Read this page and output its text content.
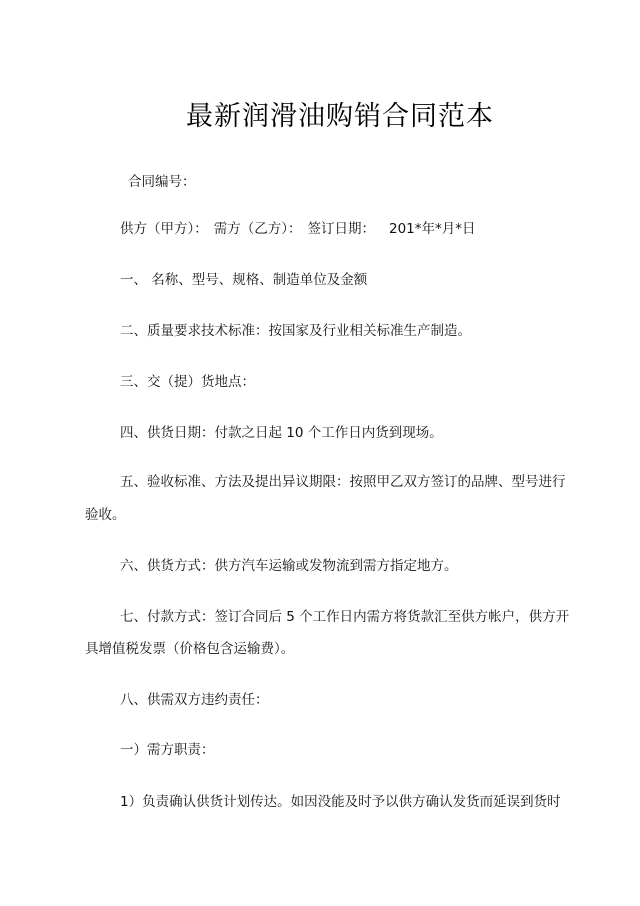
最新润滑油购销合同范本
合同编号：
供方（甲方）： 需方（乙方）： 签订日期： 201*年*月*日
一、 名称、型号、规格、制造单位及金额
二、质量要求技术标准：按国家及行业相关标准生产制造。
三、交（提）货地点：
四、供货日期：付款之日起 10 个工作日内货到现场。
五、验收标准、方法及提出异议期限：按照甲乙双方签订的品牌、型号进行
验收。
六、供货方式：供方汽车运输或发物流到需方指定地方。
七、付款方式：签订合同后 5 个工作日内需方将货款汇至供方帐户，供方开
具增值税发票（价格包含运输费）。
八、供需双方违约责任：
一）需方职责：
1）负责确认供货计划传达。如因没能及时予以供方确认发货而延误到货时
